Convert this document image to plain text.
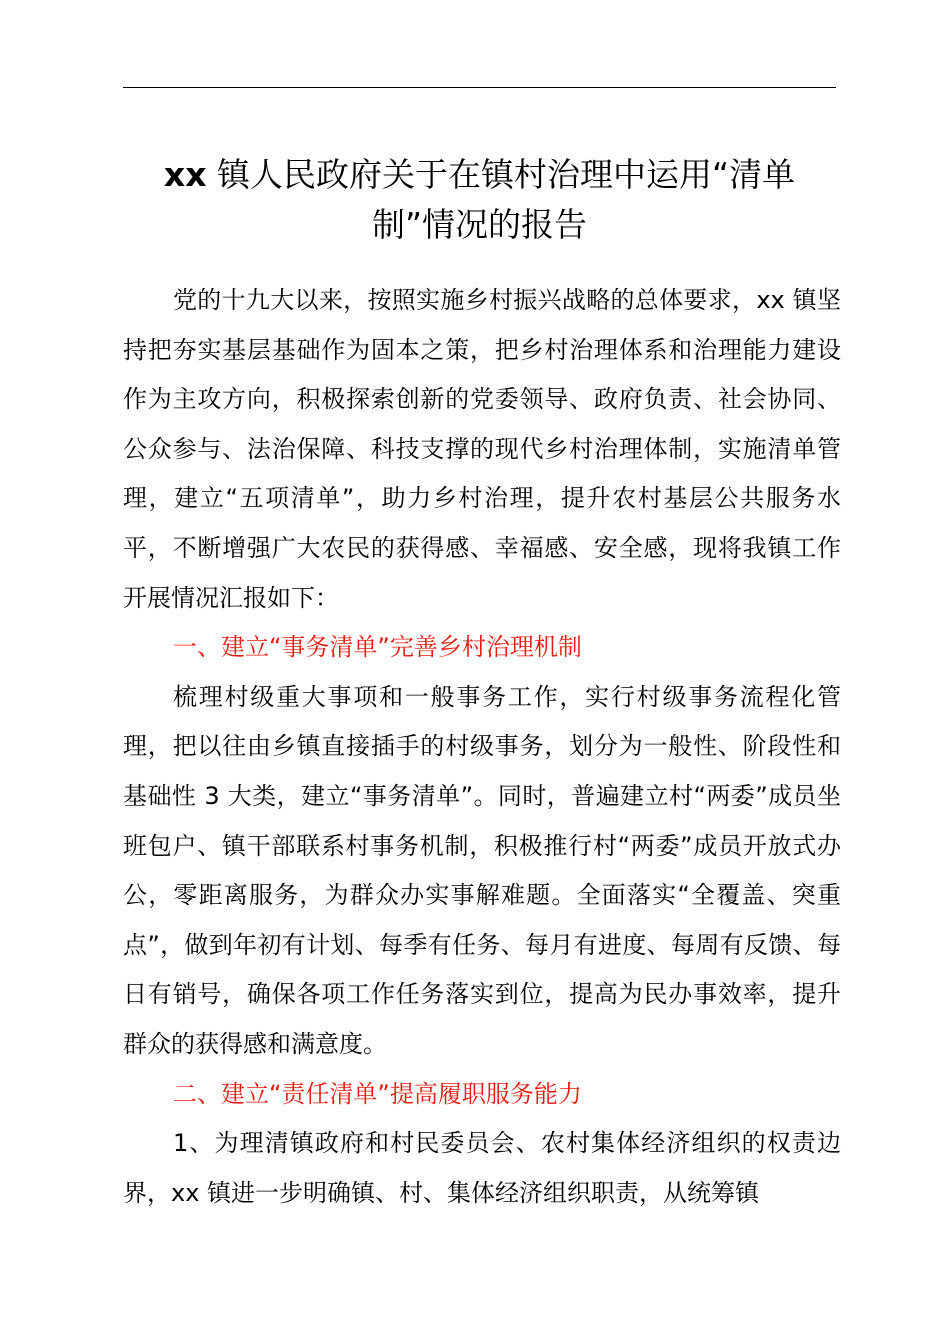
xx 镇人民政府关于在镇村治理中运用“清单
制”情况的报告

党的十九大以来，按照实施乡村振兴战略的总体要求，xx 镇坚持把夯实基层基础作为固本之策，把乡村治理体系和治理能力建设作为主攻方向，积极探索创新的党委领导、政府负责、社会协同、公众参与、法治保障、科技支撑的现代乡村治理体制，实施清单管理，建立“五项清单”，助力乡村治理，提升农村基层公共服务水平，不断增强广大农民的获得感、幸福感、安全感，现将我镇工作开展情况汇报如下：

一、建立“事务清单”完善乡村治理机制

梳理村级重大事项和一般事务工作，实行村级事务流程化管理，把以往由乡镇直接插手的村级事务，划分为一般性、阶段性和基础性 3 大类，建立“事务清单”。同时，普遍建立村“两委”成员坐班包户、镇干部联系村事务机制，积极推行村“两委”成员开放式办公，零距离服务，为群众办实事解难题。全面落实“全覆盖、突重点”，做到年初有计划、每季有任务、每月有进度、每周有反馈、每日有销号，确保各项工作任务落实到位，提高为民办事效率，提升群众的获得感和满意度。

二、建立“责任清单”提高履职服务能力

1、为理清镇政府和村民委员会、农村集体经济组织的权责边界，xx 镇进一步明确镇、村、集体经济组织职责，从统筹镇
